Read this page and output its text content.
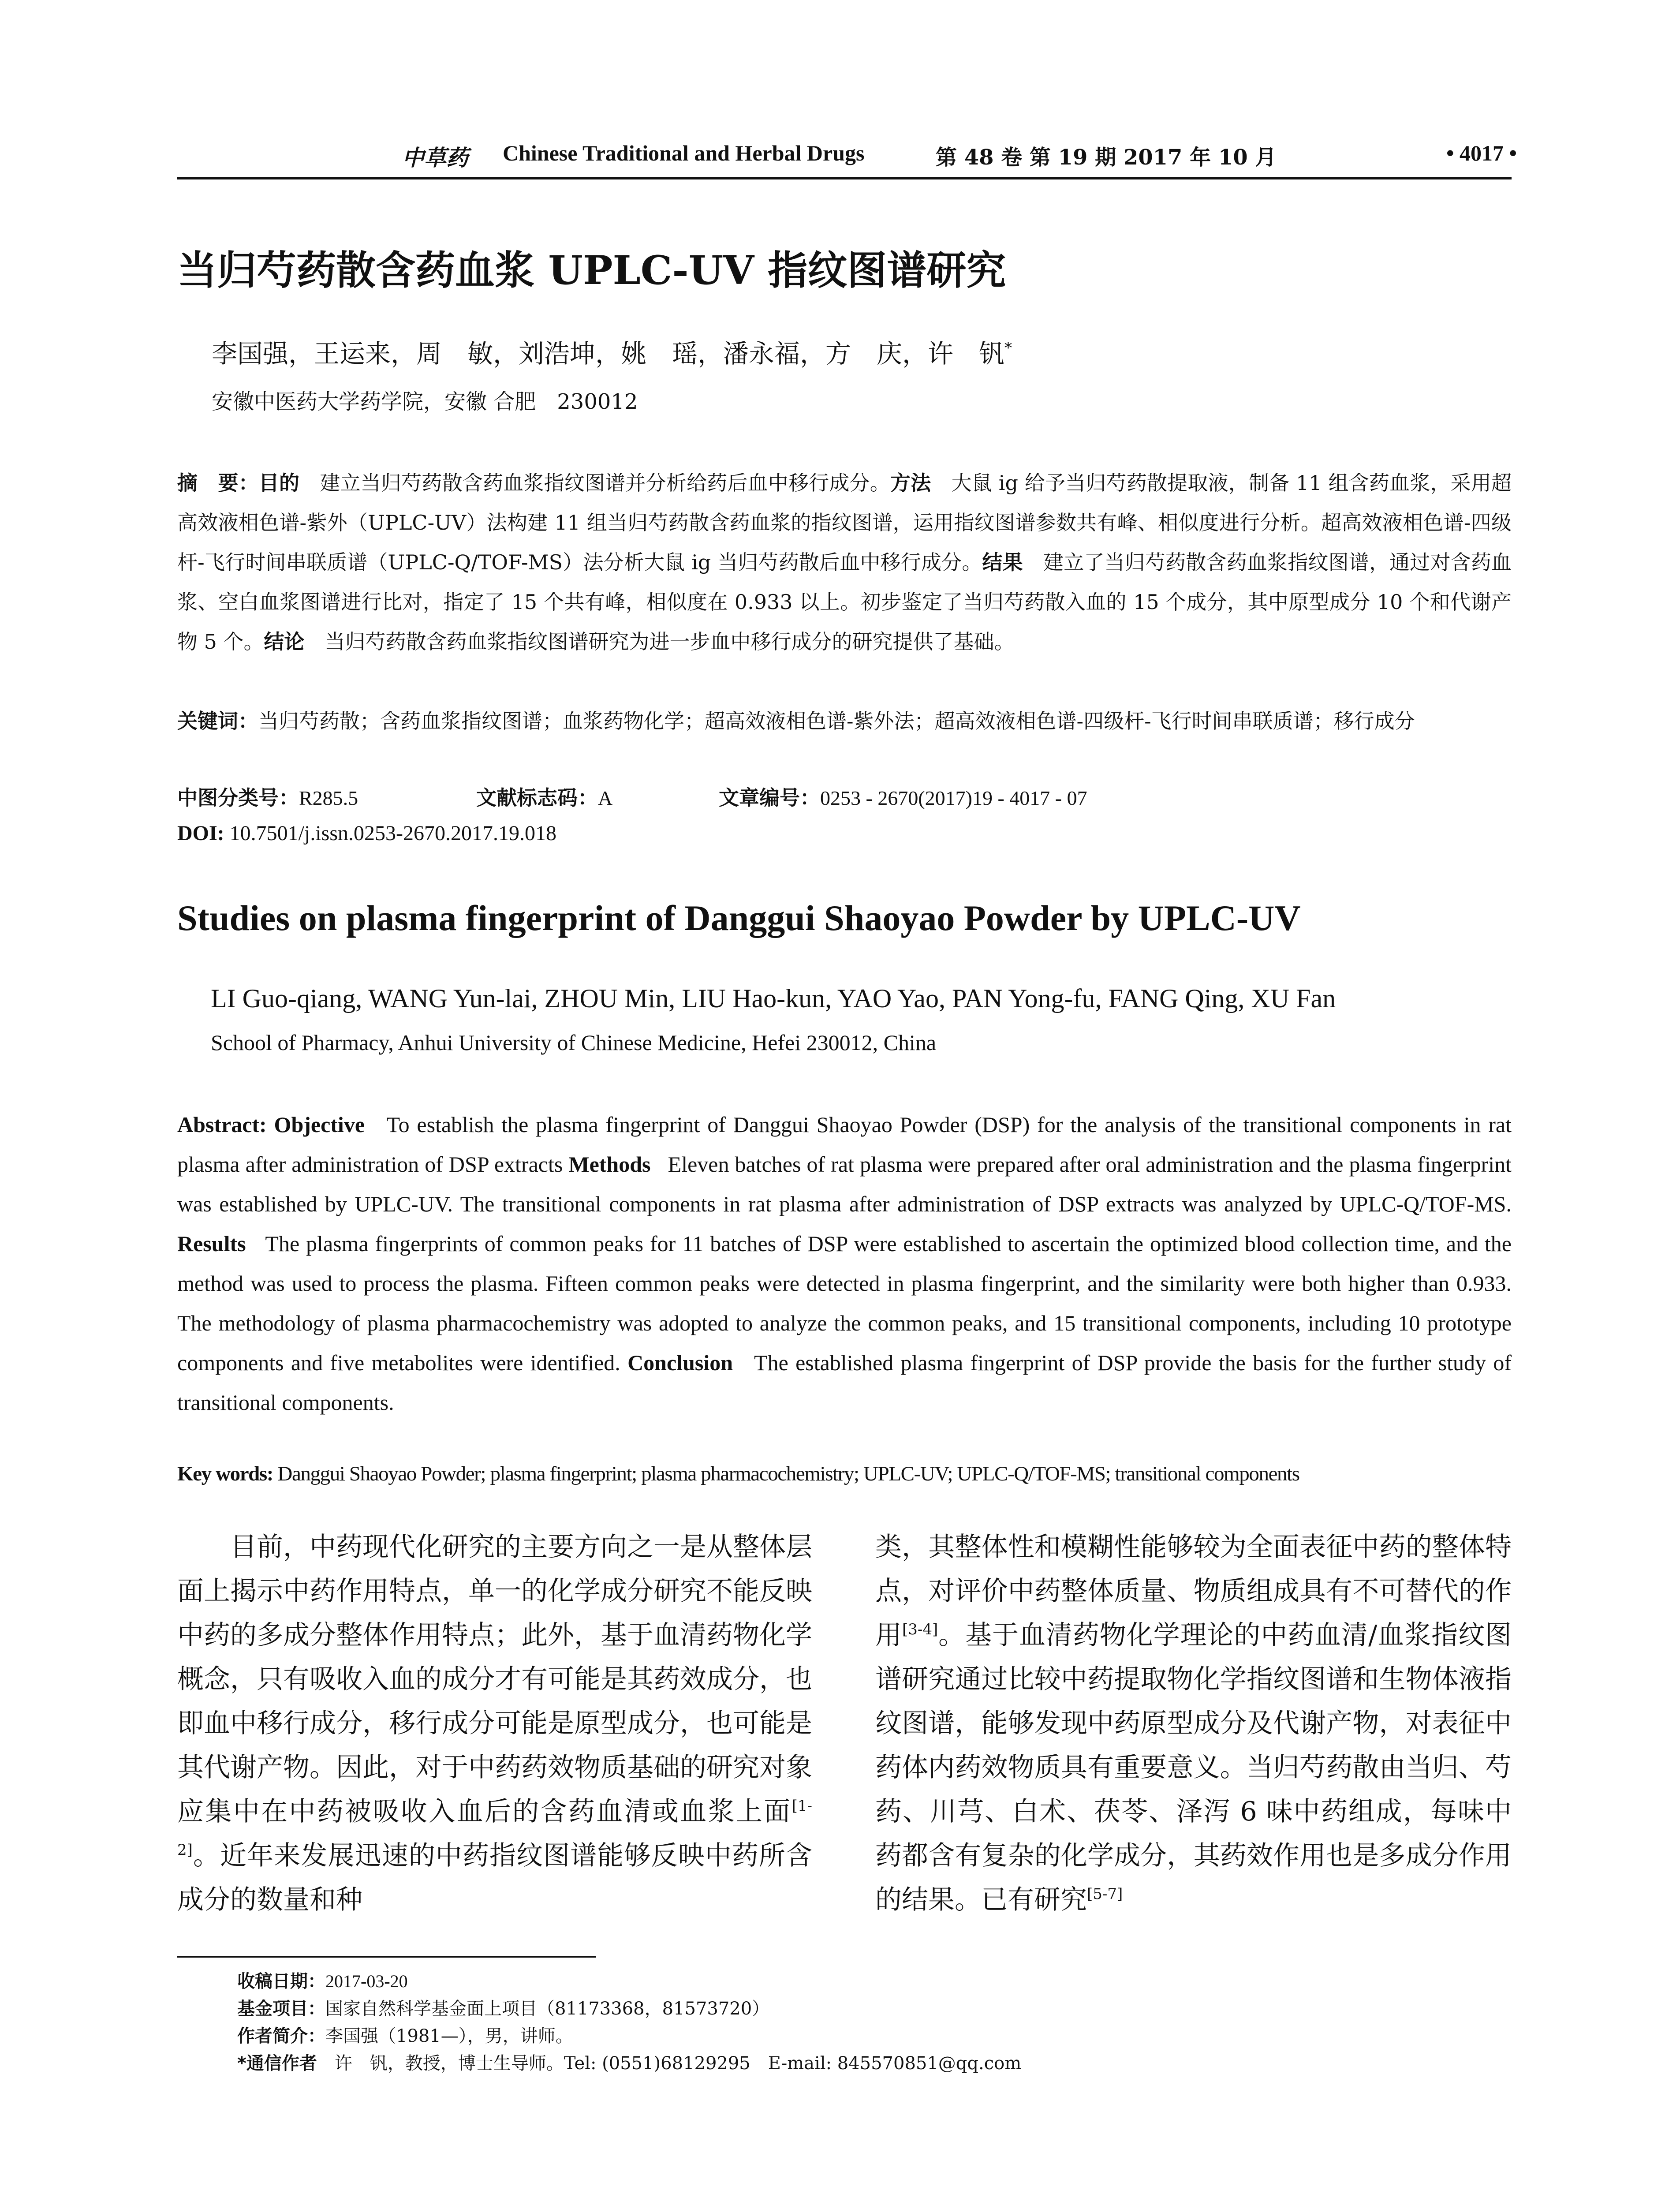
中草药 Chinese Traditional and Herbal Drugs	第 48 卷 第 19 期 2017 年 10 月	• 4017 •
当归芍药散含药血浆 UPLC-UV 指纹图谱研究
李国强，王运来，周　敏，刘浩坤，姚　瑶，潘永福，方　庆，许　钒*
安徽中医药大学药学院，安徽 合肥　230012
摘　要：目的　 建立当归芍药散含药血浆指纹图谱并分析给药后血中移行成分。方法　 大鼠 ig 给予当归芍药散提取液，制备 11 组含药血浆，采用超高效液相色谱-紫外（UPLC-UV）法构建 11 组当归芍药散含药血浆的指纹图谱，运用指纹图谱参数共有峰、相似度进行分析。超高效液相色谱-四级杆-飞行时间串联质谱（UPLC-Q/TOF-MS）法分析大鼠 ig 当归芍药散后血中移行成分。结果　 建立了当归芍药散含药血浆指纹图谱，通过对含药血浆、空白血浆图谱进行比对，指定了 15 个共有峰，相似度在 0.933 以上。初步鉴定了当归芍药散入血的 15 个成分，其中原型成分 10 个和代谢产物 5 个。结论　 当归芍药散含药血浆指纹图谱研究为进一步血中移行成分的研究提供了基础。
关键词：当归芍药散；含药血浆指纹图谱；血浆药物化学；超高效液相色谱-紫外法；超高效液相色谱-四级杆-飞行时间串联质谱；移行成分
中图分类号：R285.5	文献标志码：A	文章编号：0253 - 2670(2017)19 - 4017 - 07
DOI: 10.7501/j.issn.0253-2670.2017.19.018
Studies on plasma fingerprint of Danggui Shaoyao Powder by UPLC-UV
LI Guo-qiang, WANG Yun-lai, ZHOU Min, LIU Hao-kun, YAO Yao, PAN Yong-fu, FANG Qing, XU Fan
School of Pharmacy, Anhui University of Chinese Medicine, Hefei 230012, China
Abstract: Objective To establish the plasma fingerprint of Danggui Shaoyao Powder (DSP) for the analysis of the transitional components in rat plasma after administration of DSP extracts Methods Eleven batches of rat plasma were prepared after oral administration and the plasma fingerprint was established by UPLC-UV. The transitional components in rat plasma after administration of DSP extracts was analyzed by UPLC-Q/TOF-MS. Results The plasma fingerprints of common peaks for 11 batches of DSP were established to ascertain the optimized blood collection time, and the method was used to process the plasma. Fifteen common peaks were detected in plasma fingerprint, and the similarity were both higher than 0.933. The methodology of plasma pharmacochemistry was adopted to analyze the common peaks, and 15 transitional components, including 10 prototype components and five metabolites were identified. Conclusion The established plasma fingerprint of DSP provide the basis for the further study of transitional components.
Key words: Danggui Shaoyao Powder; plasma fingerprint; plasma pharmacochemistry; UPLC-UV; UPLC-Q/TOF-MS; transitional components
目前，中药现代化研究的主要方向之一是从整体层面上揭示中药作用特点，单一的化学成分研究不能反映中药的多成分整体作用特点；此外，基于血清药物化学概念，只有吸收入血的成分才有可能是其药效成分，也即血中移行成分，移行成分可能是原型成分，也可能是其代谢产物。因此，对于中药药效物质基础的研究对象应集中在中药被吸收入血后的含药血清或血浆上面[1-2]。近年来发展迅速的中药指纹图谱能够反映中药所含成分的数量和种
类，其整体性和模糊性能够较为全面表征中药的整体特点，对评价中药整体质量、物质组成具有不可替代的作用[3-4]。基于血清药物化学理论的中药血清/血浆指纹图谱研究通过比较中药提取物化学指纹图谱和生物体液指纹图谱，能够发现中药原型成分及代谢产物，对表征中药体内药效物质具有重要意义。当归芍药散由当归、芍药、川芎、白术、茯苓、泽泻 6 味中药组成，每味中药都含有复杂的化学成分，其药效作用也是多成分作用的结果。已有研究[5-7]
收稿日期：2017-03-20
基金项目：国家自然科学基金面上项目（81173368，81573720）
作者简介：李国强（1981—），男，讲师。
*通信作者　 许　钒，教授，博士生导师。Tel: (0551)68129295　E-mail: 845570851@qq.com
